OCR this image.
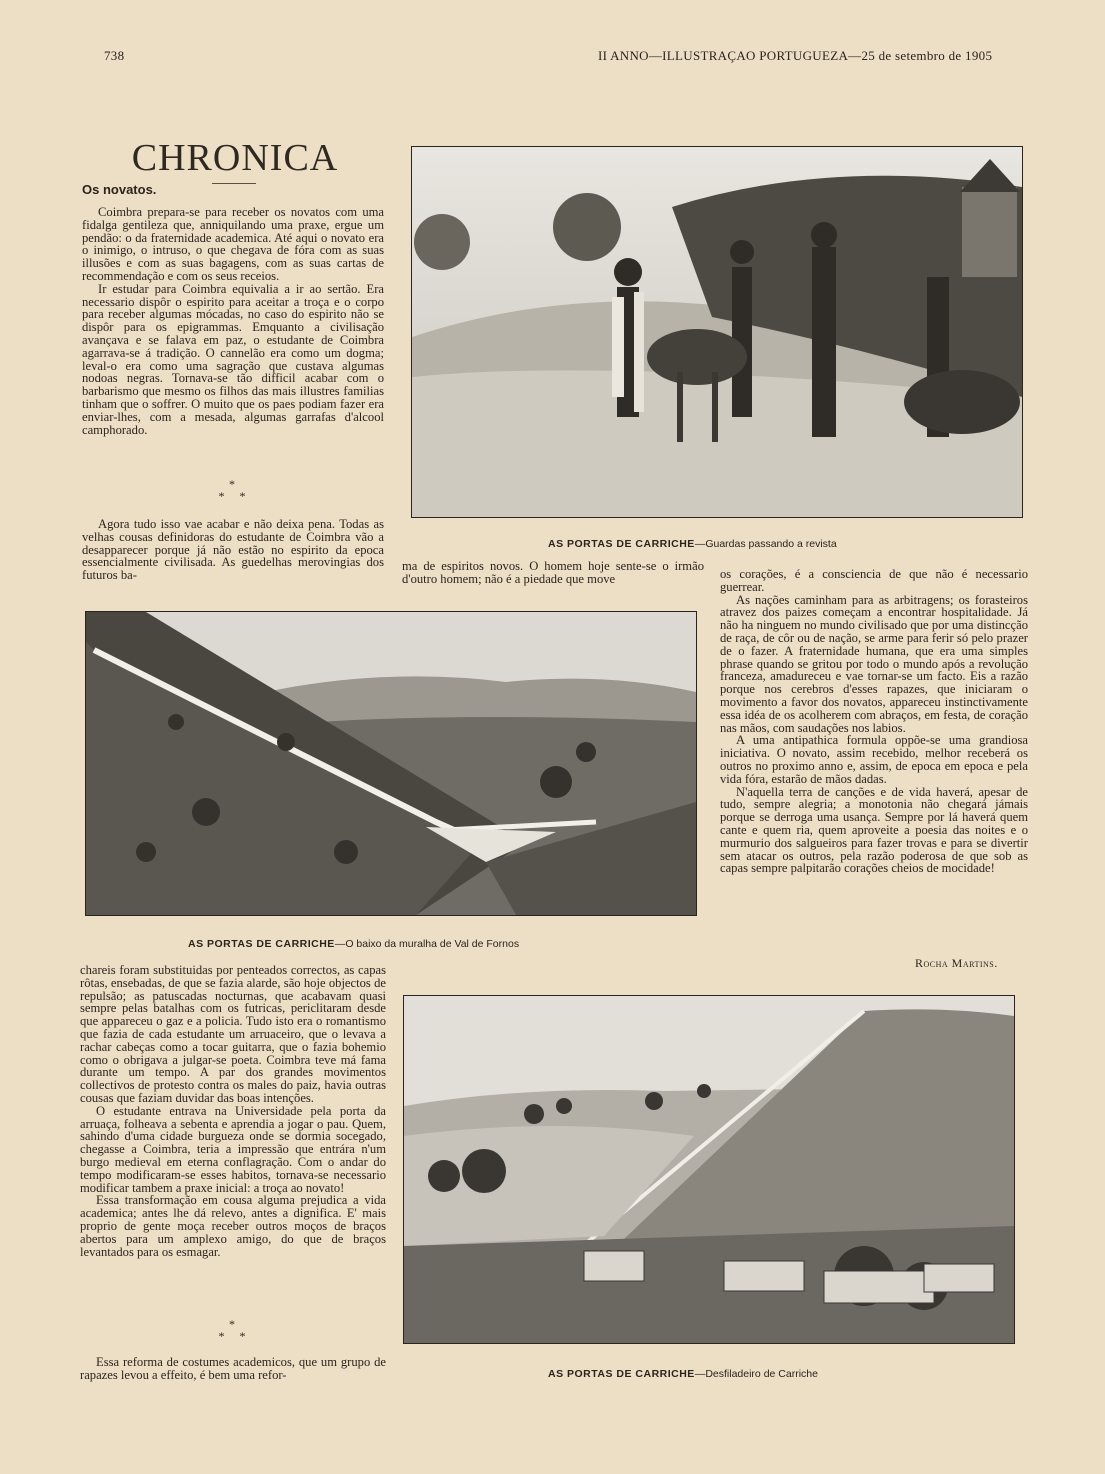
738	II ANNO—ILLUSTRAÇAO PORTUGUEZA—25 de setembro de 1905
CHRONICA
Os novatos.

Coimbra prepara-se para receber os novatos com uma fidalga gentileza que, anniquilando uma praxe, ergue um pendão: o da fraternidade academica. Até aqui o novato era o inimigo, o intruso, o que chegava de fóra com as suas illusões e com as suas bagagens, com as suas cartas de recommendação e com os seus receios.

Ir estudar para Coimbra equivalia a ir ao sertão. Era necessario dispôr o espirito para aceitar a troça e o corpo para receber algumas mócadas, no caso do espirito não se dispôr para os epigrammas. Emquanto a civilisação avançava e se falava em paz, o estudante de Coimbra agarrava-se á tradição. O cannelão era como um dogma; leval-o era como uma sagração que custava algumas nodoas negras. Tornava-se tão difficil acabar com o barbarismo que mesmo os filhos das mais illustres familias tinham que o soffrer. O muito que os paes podiam fazer era enviar-lhes, com a mesada, algumas garrafas d'alcool camphorado.

*
* *

Agora tudo isso vae acabar e não deixa pena. Todas as velhas cousas definidoras do estudante de Coimbra vão a desapparecer porque já não estão no espirito da epoca essencialmente civilisada. As guedelhas merovingias dos futuros ba-

AS PORTAS DE CARRICHE—Guardas passando a revista

ma de espiritos novos. O homem hoje sente-se o irmão d'outro homem; não é a piedade que move	os corações, é a consciencia de que não é necessario guerrear.

As nações caminham para as arbitragens; os forasteiros atravez dos paizes começam a encontrar hospitalidade. Já não ha ninguem no mundo civilisado que por uma distincção de raça, de côr ou de nação, se arme para ferir só pelo prazer de o fazer. A fraternidade humana, que era uma simples phrase quando se gritou por todo o mundo após a revolução franceza, amadureceu e vae tornar-se um facto. Eis a razão porque nos cerebros d'esses rapazes, que iniciaram o movimento a favor dos novatos, appareceu instinctivamente essa idéa de os acolherem com abraços, em festa, de coração nas mãos, com saudações nos labios.

A uma antipathica formula oppõe-se uma grandiosa iniciativa. O novato, assim recebido, melhor receberá os outros no proximo anno e, assim, de epoca em epoca e pela vida fóra, estarão de mãos dadas.

N'aquella terra de canções e de vida haverá, apesar de tudo, sempre alegria; a monotonia não chegará jámais porque se derroga uma usança. Sempre por lá haverá quem cante e quem ria, quem aproveite a poesia das noites e o murmurio dos salgueiros para fazer trovas e para se divertir sem atacar os outros, pela razão poderosa de que sob as capas sempre palpitarão corações cheios de mocidade!

Rocha Martins.
AS PORTAS DE CARRICHE—O baixo da muralha de Val de Fornos

chareis foram substituidas por penteados correctos, as capas rôtas, ensebadas, de que se fazia alarde, são hoje objectos de repulsão; as patuscadas nocturnas, que acabavam quasi sempre pelas batalhas com os futricas, periclitaram desde que appareceu o gaz e a policia. Tudo isto era o romantismo que fazia de cada estudante um arruaceiro, que o levava a rachar cabeças como a tocar guitarra, que o fazia bohemio como o obrigava a julgar-se poeta. Coimbra teve má fama durante um tempo. A par dos grandes movimentos collectivos de protesto contra os males do paiz, havia outras cousas que faziam duvidar das boas intenções.

O estudante entrava na Universidade pela porta da arruaça, folheava a sebenta e aprendia a jogar o pau. Quem, sahindo d'uma cidade burgueza onde se dormia socegado, chegasse a Coimbra, teria a impressão que entrára n'um burgo medieval em eterna conflagração. Com o andar do tempo modificaram-se esses habitos, tornava-se necessario modificar tambem a praxe inicial: a troça ao novato!

Essa transformação em cousa alguma prejudica a vida academica; antes lhe dá relevo, antes a dignifica. E' mais proprio de gente moça receber outros moços de braços abertos para um amplexo amigo, do que de braços levantados para os esmagar.

*
* *

Essa reforma de costumes academicos, que um grupo de rapazes levou a effeito, é bem uma refor-	AS PORTAS DE CARRICHE—Desfiladeiro de Carriche
